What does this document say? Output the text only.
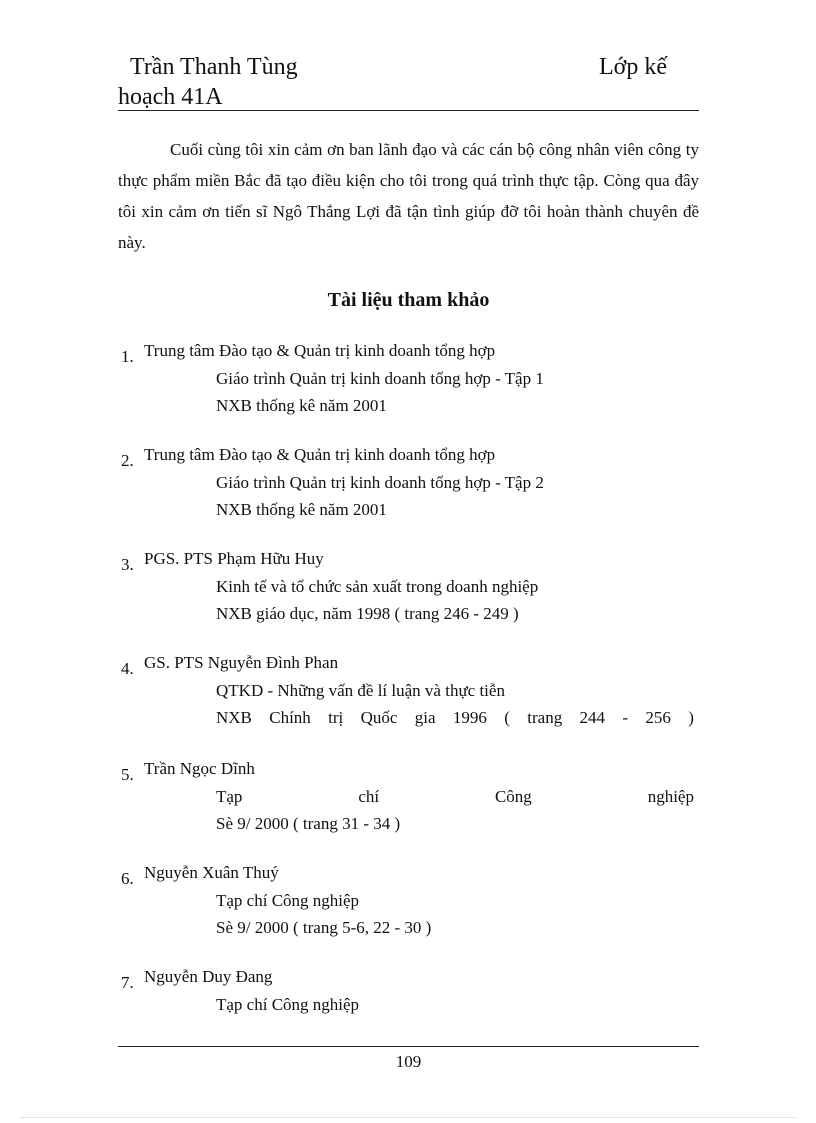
Trần Thanh Tùng	Lớp kế
hoạch 41A

Cuối cùng tôi xin cảm ơn ban lãnh đạo và các cán bộ công nhân viên công ty thực phẩm miền Bắc đã tạo điều kiện cho tôi trong quá trình thực tập. Còng qua đây tôi xin cảm ơn tiến sĩ Ngô Thắng Lợi đã tận tình giúp đỡ tôi hoàn thành chuyên đề này.

Tài liệu tham khảo
1. Trung tâm Đào tạo & Quản trị kinh doanh tổng hợp
Giáo trình Quản trị kinh doanh tổng hợp - Tập 1
NXB thống kê năm 2001
2. Trung tâm Đào tạo & Quản trị kinh doanh tổng hợp
Giáo trình Quản trị kinh doanh tổng hợp - Tập 2
NXB thống kê năm 2001
3. PGS. PTS Phạm Hữu Huy
Kinh tế và tổ chức sản xuất trong doanh nghiệp
NXB giáo dục, năm 1998 ( trang 246 - 249 )
4. GS. PTS Nguyễn Đình Phan
QTKD - Những vấn đề lí luận và thực tiễn
NXB Chính trị Quốc gia 1996 ( trang 244 - 256 )
5. Trần Ngọc Dĩnh
Tạp	chí	Công	nghiệp
Sè 9/ 2000 ( trang 31 - 34 )
6. Nguyễn Xuân Thuý
Tạp chí Công nghiệp
Sè 9/ 2000 ( trang 5-6, 22 - 30 )
7. Nguyễn Duy Đang
Tạp chí Công nghiệp
109
